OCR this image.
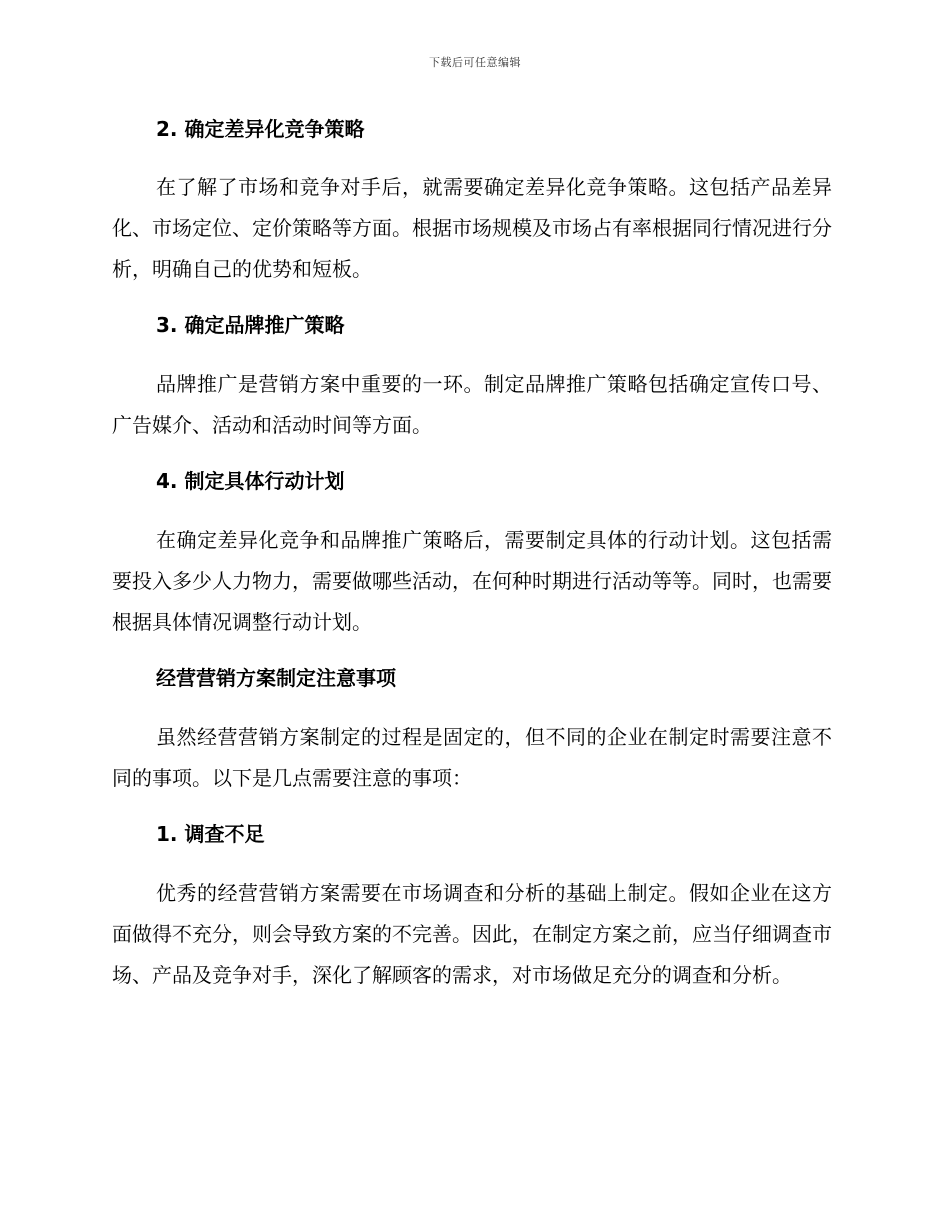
下载后可任意编辑
2. 确定差异化竞争策略

在了解了市场和竞争对手后，就需要确定差异化竞争策略。这包括产品差异化、市场定位、定价策略等方面。根据市场规模及市场占有率根据同行情况进行分析，明确自己的优势和短板。

3. 确定品牌推广策略

品牌推广是营销方案中重要的一环。制定品牌推广策略包括确定宣传口号、广告媒介、活动和活动时间等方面。

4. 制定具体行动计划

在确定差异化竞争和品牌推广策略后，需要制定具体的行动计划。这包括需要投入多少人力物力，需要做哪些活动，在何种时期进行活动等等。同时，也需要根据具体情况调整行动计划。

经营营销方案制定注意事项

虽然经营营销方案制定的过程是固定的，但不同的企业在制定时需要注意不同的事项。以下是几点需要注意的事项：

1. 调查不足

优秀的经营营销方案需要在市场调查和分析的基础上制定。假如企业在这方面做得不充分，则会导致方案的不完善。因此，在制定方案之前，应当仔细调查市场、产品及竞争对手，深化了解顾客的需求，对市场做足充分的调查和分析。
